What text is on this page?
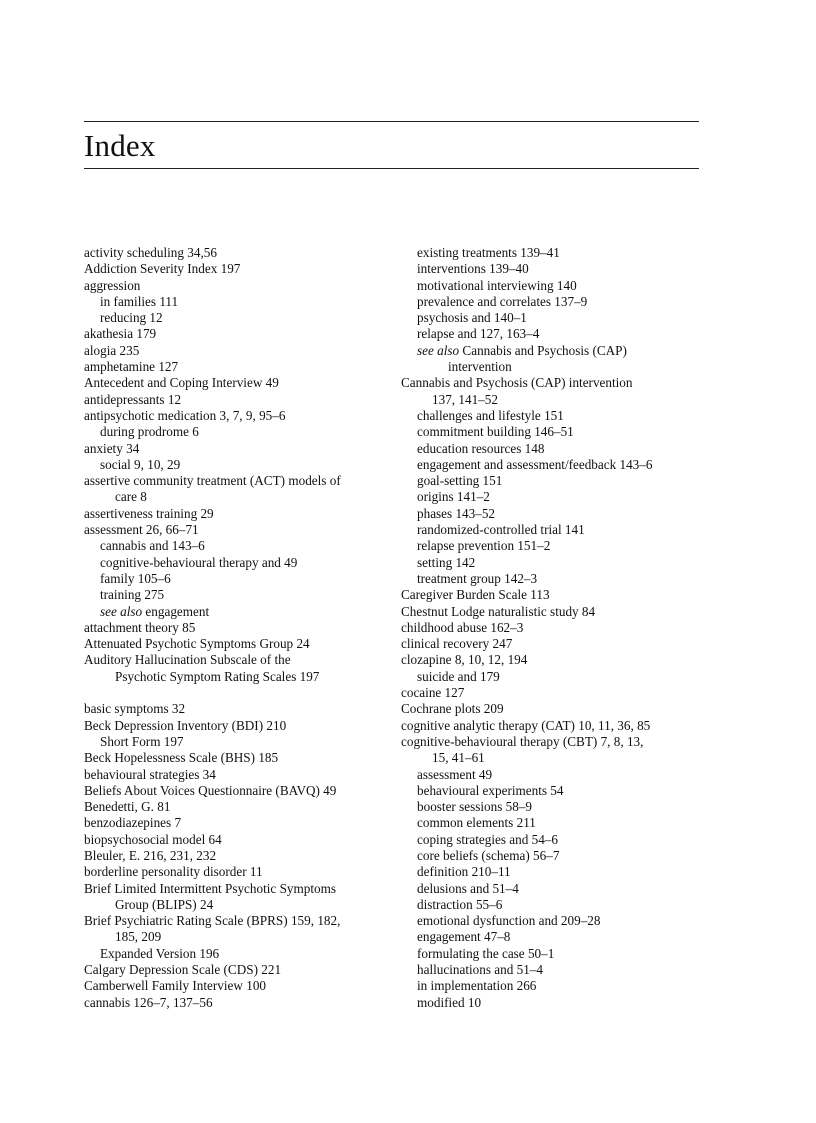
Index
activity scheduling 34,56
Addiction Severity Index 197
aggression
in families 111
reducing 12
akathesia 179
alogia 235
amphetamine 127
Antecedent and Coping Interview 49
antidepressants 12
antipsychotic medication 3, 7, 9, 95–6
during prodrome 6
anxiety 34
social 9, 10, 29
assertive community treatment (ACT) models of
care 8
assertiveness training 29
assessment 26, 66–71
cannabis and 143–6
cognitive-behavioural therapy and 49
family 105–6
training 275
see also engagement
attachment theory 85
Attenuated Psychotic Symptoms Group 24
Auditory Hallucination Subscale of the
Psychotic Symptom Rating Scales 197
basic symptoms 32
Beck Depression Inventory (BDI) 210
Short Form 197
Beck Hopelessness Scale (BHS) 185
behavioural strategies 34
Beliefs About Voices Questionnaire (BAVQ) 49
Benedetti, G. 81
benzodiazepines 7
biopsychosocial model 64
Bleuler, E. 216, 231, 232
borderline personality disorder 11
Brief Limited Intermittent Psychotic Symptoms
Group (BLIPS) 24
Brief Psychiatric Rating Scale (BPRS) 159, 182,
185, 209
Expanded Version 196
Calgary Depression Scale (CDS) 221
Camberwell Family Interview 100
cannabis 126–7, 137–56
existing treatments 139–41
interventions 139–40
motivational interviewing 140
prevalence and correlates 137–9
psychosis and 140–1
relapse and 127, 163–4
see also Cannabis and Psychosis (CAP)
intervention
Cannabis and Psychosis (CAP) intervention
137, 141–52
challenges and lifestyle 151
commitment building 146–51
education resources 148
engagement and assessment/feedback 143–6
goal-setting 151
origins 141–2
phases 143–52
randomized-controlled trial 141
relapse prevention 151–2
setting 142
treatment group 142–3
Caregiver Burden Scale 113
Chestnut Lodge naturalistic study 84
childhood abuse 162–3
clinical recovery 247
clozapine 8, 10, 12, 194
suicide and 179
cocaine 127
Cochrane plots 209
cognitive analytic therapy (CAT) 10, 11, 36, 85
cognitive-behavioural therapy (CBT) 7, 8, 13,
15, 41–61
assessment 49
behavioural experiments 54
booster sessions 58–9
common elements 211
coping strategies and 54–6
core beliefs (schema) 56–7
definition 210–11
delusions and 51–4
distraction 55–6
emotional dysfunction and 209–28
engagement 47–8
formulating the case 50–1
hallucinations and 51–4
in implementation 266
modified 10
